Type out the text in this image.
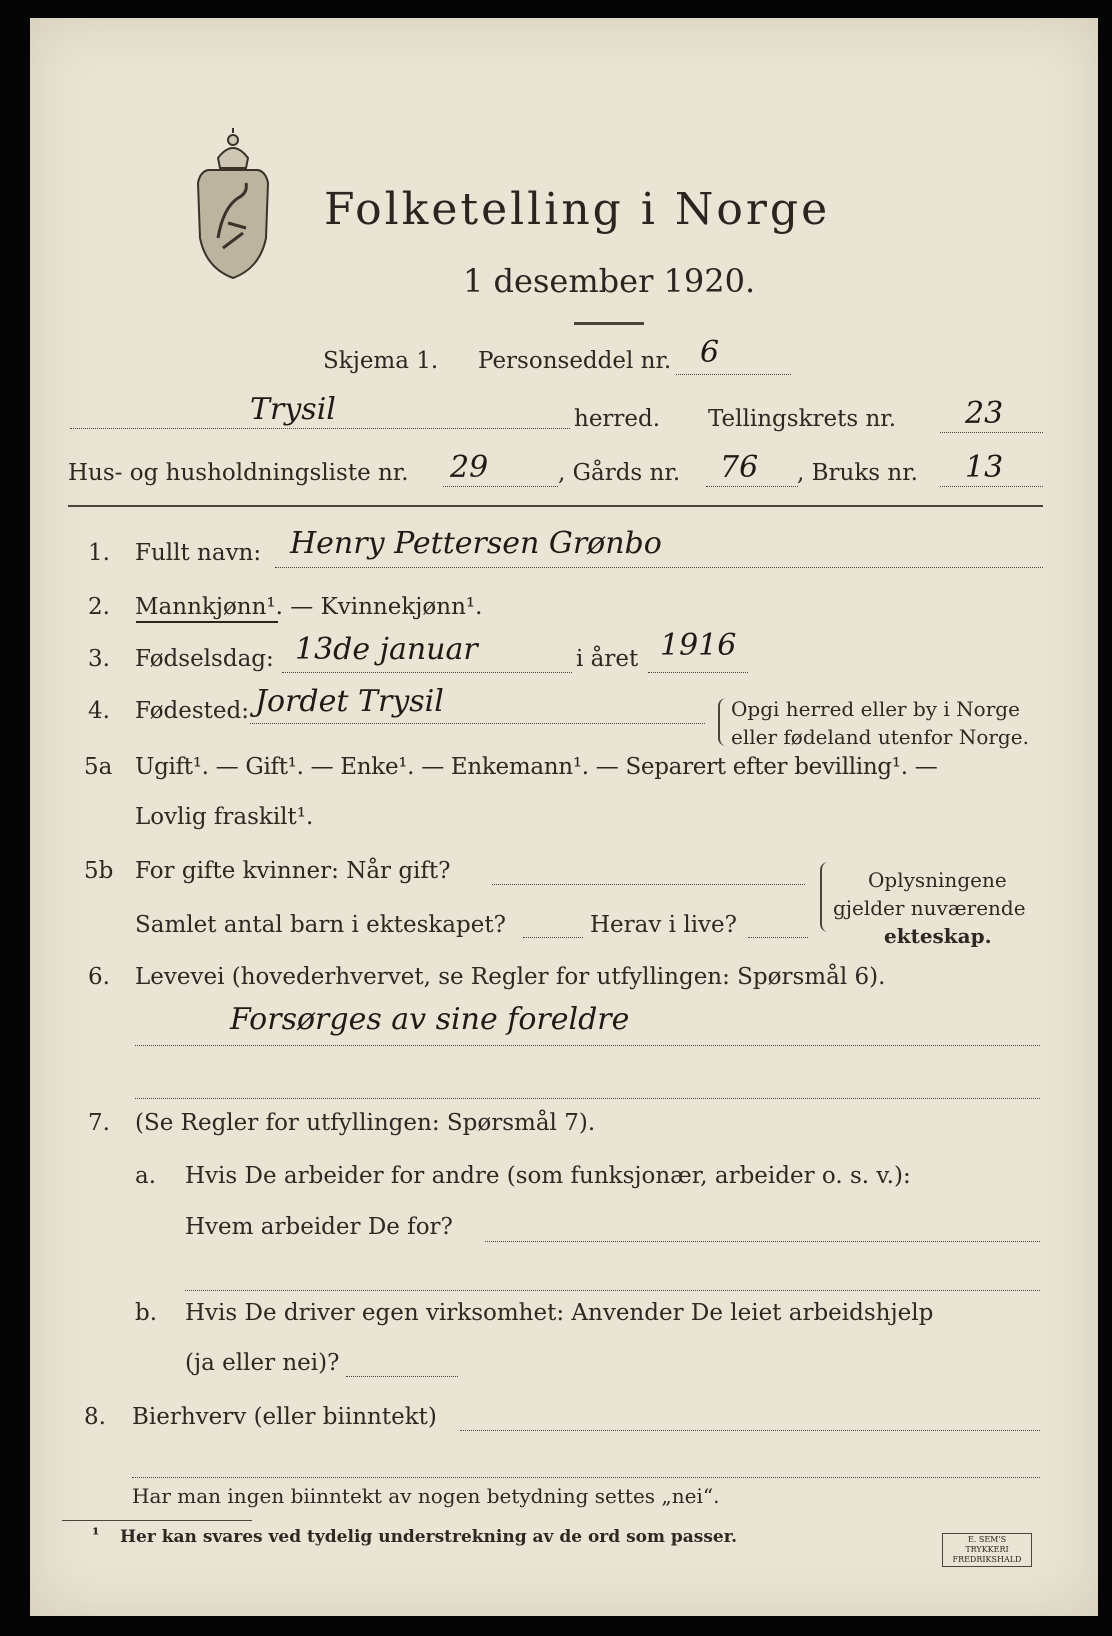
Folketelling i Norge
1 desember 1920.
Skjema 1. Personseddel nr. 6
Trysil	herred. Tellingskrets nr. 23
Hus- og husholdningsliste nr. 29	, Gårds nr. 76 , Bruks nr. 13
1. Fullt navn: Henry Pettersen Grønbo
2. Mannkjønn¹. — Kvinnekjønn¹.
3. Fødselsdag: 13de januar	i året 1916
4. Fødested: Jordet Trysil	Opgi herred eller by i Norge
eller fødeland utenfor Norge.
5a Ugift¹. — Gift¹. — Enke¹. — Enkemann¹. — Separert efter bevilling¹. —
Lovlig fraskilt¹.
5b For gifte kvinner: Når gift?
Samlet antal barn i ekteskapet?	Herav i live?
Oplysningene
gjelder nuværende
ekteskap.
6. Levevei (hovederhvervet, se Regler for utfyllingen: Spørsmål 6).
Forsørges av sine foreldre
7. (Se Regler for utfyllingen: Spørsmål 7).
a. Hvis De arbeider for andre (som funksjonær, arbeider o. s. v.):
Hvem arbeider De for?
b. Hvis De driver egen virksomhet: Anvender De leiet arbeidshjelp
(ja eller nei)?
8. Bierhverv (eller biinntekt)
Har man ingen biinntekt av nogen betydning settes „nei“.
¹ Her kan svares ved tydelig understrekning av de ord som passer.	E. SEM'S TRYKKERI FREDRIKSHALD
